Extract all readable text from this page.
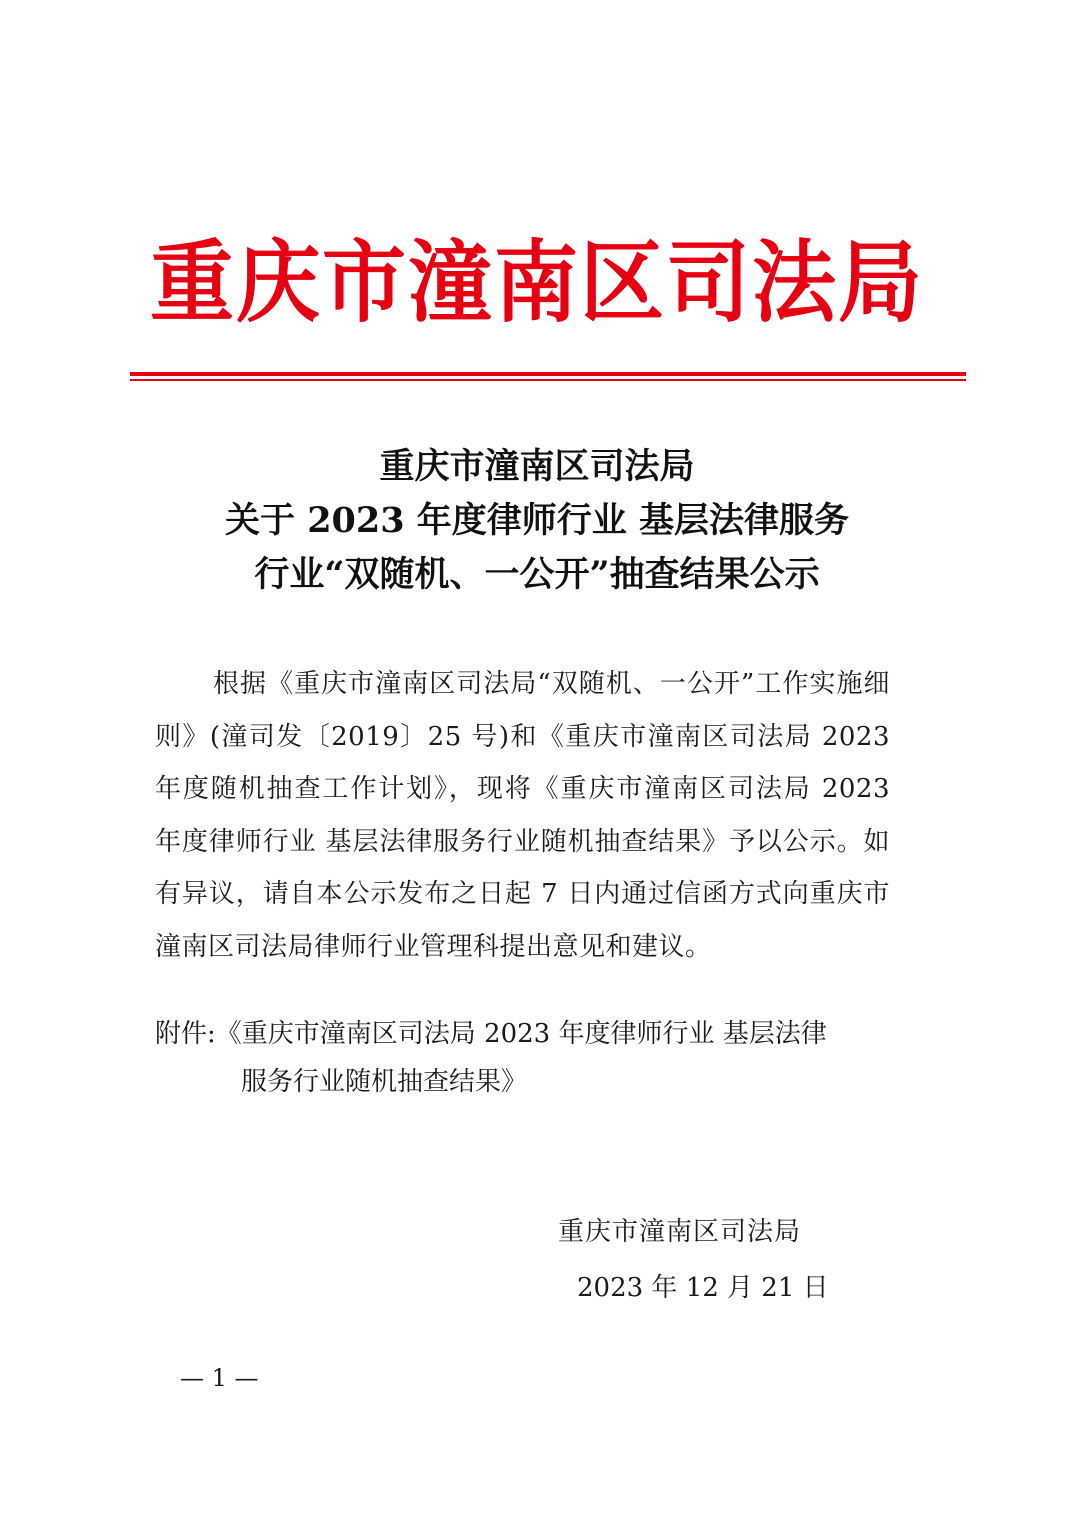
重庆市潼南区司法局
重庆市潼南区司法局
关于 2023 年度律师行业 基层法律服务
行业“双随机、一公开”抽查结果公示
根据《重庆市潼南区司法局“双随机、一公开”工作实施细则》(潼司发〔2019〕25 号)和《重庆市潼南区司法局 2023 年度随机抽查工作计划》，现将《重庆市潼南区司法局 2023 年度律师行业 基层法律服务行业随机抽查结果》予以公示。如有异议，请自本公示发布之日起 7 日内通过信函方式向重庆市潼南区司法局律师行业管理科提出意见和建议。
附件:《重庆市潼南区司法局 2023 年度律师行业 基层法律
服务行业随机抽查结果》
重庆市潼南区司法局
2023 年 12 月 21 日
— 1 —
